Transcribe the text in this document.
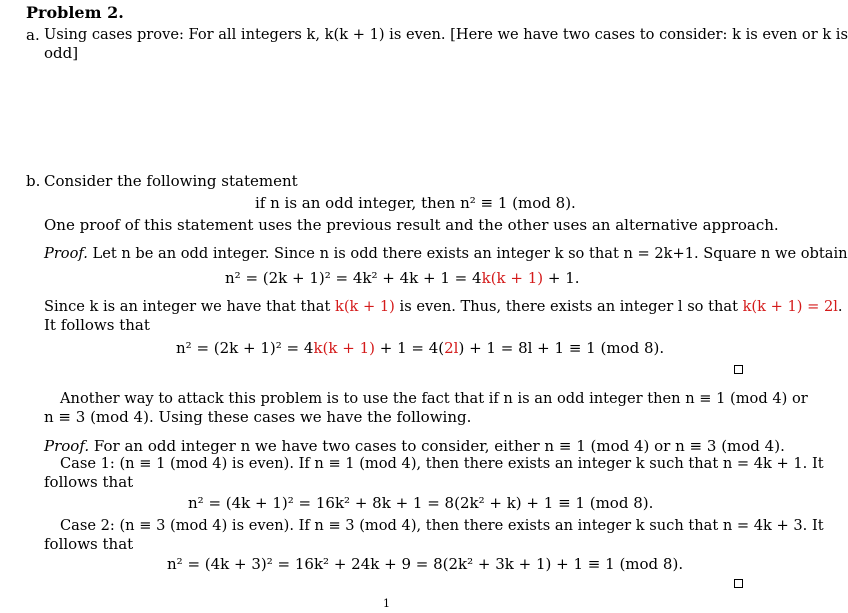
Problem 2.
a. Using cases prove: For all integers k, k(k + 1) is even. [Here we have two cases to consider: k is even or k is
odd]
b. Consider the following statement
if n is an odd integer, then n² ≡ 1 (mod 8).
One proof of this statement uses the previous result and the other uses an alternative approach.
Proof. Let n be an odd integer. Since n is odd there exists an integer k so that n = 2k+1. Square n we obtain
n² = (2k + 1)² = 4k² + 4k + 1 = 4k(k + 1) + 1.
Since k is an integer we have that that k(k + 1) is even. Thus, there exists an integer l so that k(k + 1) = 2l.
It follows that
n² = (2k + 1)² = 4k(k + 1) + 1 = 4(2l) + 1 = 8l + 1 ≡ 1 (mod 8).
Another way to attack this problem is to use the fact that if n is an odd integer then n ≡ 1 (mod 4) or
n ≡ 3 (mod 4). Using these cases we have the following.
Proof. For an odd integer n we have two cases to consider, either n ≡ 1 (mod 4) or n ≡ 3 (mod 4).
Case 1: (n ≡ 1 (mod 4) is even). If n ≡ 1 (mod 4), then there exists an integer k such that n = 4k + 1. It
follows that
n² = (4k + 1)² = 16k² + 8k + 1 = 8(2k² + k) + 1 ≡ 1 (mod 8).
Case 2: (n ≡ 3 (mod 4) is even). If n ≡ 3 (mod 4), then there exists an integer k such that n = 4k + 3. It
follows that
n² = (4k + 3)² = 16k² + 24k + 9 = 8(2k² + 3k + 1) + 1 ≡ 1 (mod 8).
1
